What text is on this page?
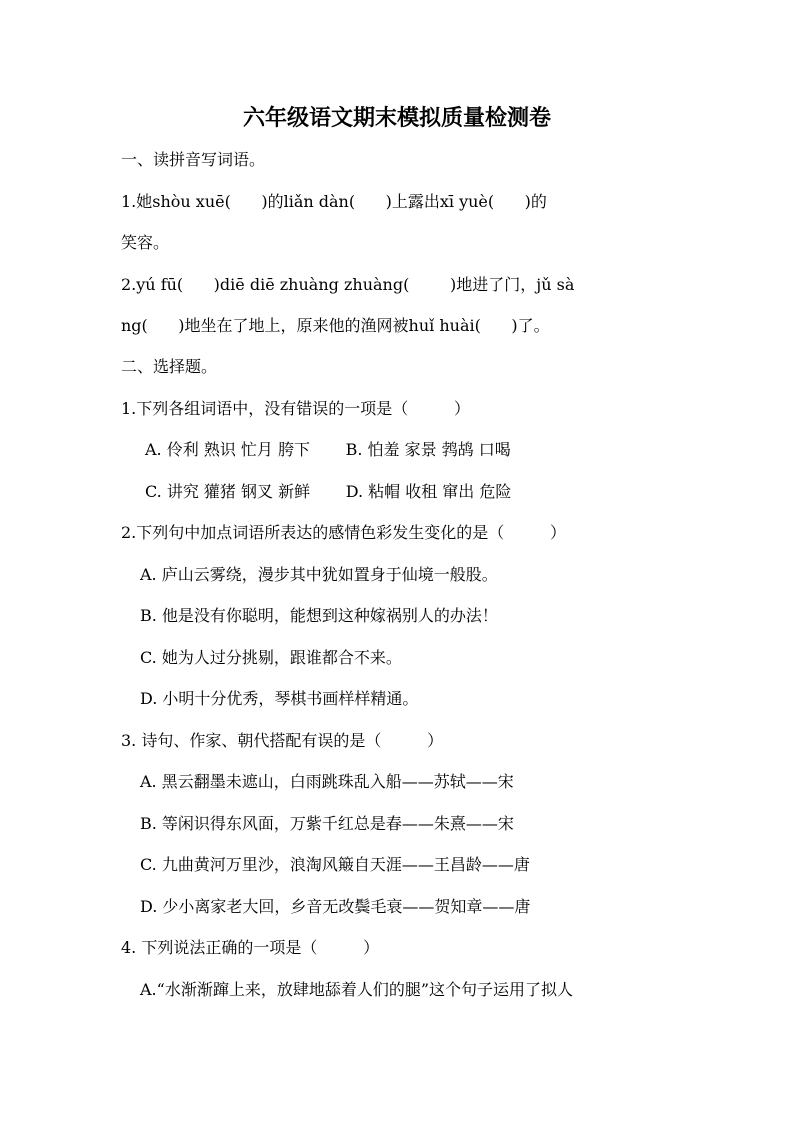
六年级语文期末模拟质量检测卷
一、读拼音写词语。
1.她shòu xuē(      )的liǎn dàn(      )上露出xī yuè(      )的
笑容。
2.yú fū(      )diē diē zhuàng zhuàng(        )地进了门，jǔ sà
ng(      )地坐在了地上，原来他的渔网被huǐ huài(      )了。
二、选择题。
1.下列各组词语中，没有错误的一项是（         ）
A. 伶利 熟识 忙月 胯下       B. 怕羞 家景 鹁鸪 口喝
C. 讲究 獾猪 钢叉 新鲜       D. 粘帽 收租 窜出 危险
2.下列句中加点词语所表达的感情色彩发生变化的是（         ）
A. 庐山云雾绕，漫步其中犹如置身于仙境一般股。
B. 他是没有你聪明，能想到这种嫁祸别人的办法！
C. 她为人过分挑剔，跟谁都合不来。
D. 小明十分优秀，琴棋书画样样精通。
3. 诗句、作家、朝代搭配有误的是（         ）
A. 黑云翻墨未遮山，白雨跳珠乱入船——苏轼——宋
B. 等闲识得东风面，万紫千红总是春——朱熹——宋
C. 九曲黄河万里沙，浪淘风簸自天涯——王昌龄——唐
D. 少小离家老大回，乡音无改鬓毛衰——贺知章——唐
4. 下列说法正确的一项是（         ）
A.“水渐渐蹿上来，放肆地舔着人们的腿”这个句子运用了拟人
